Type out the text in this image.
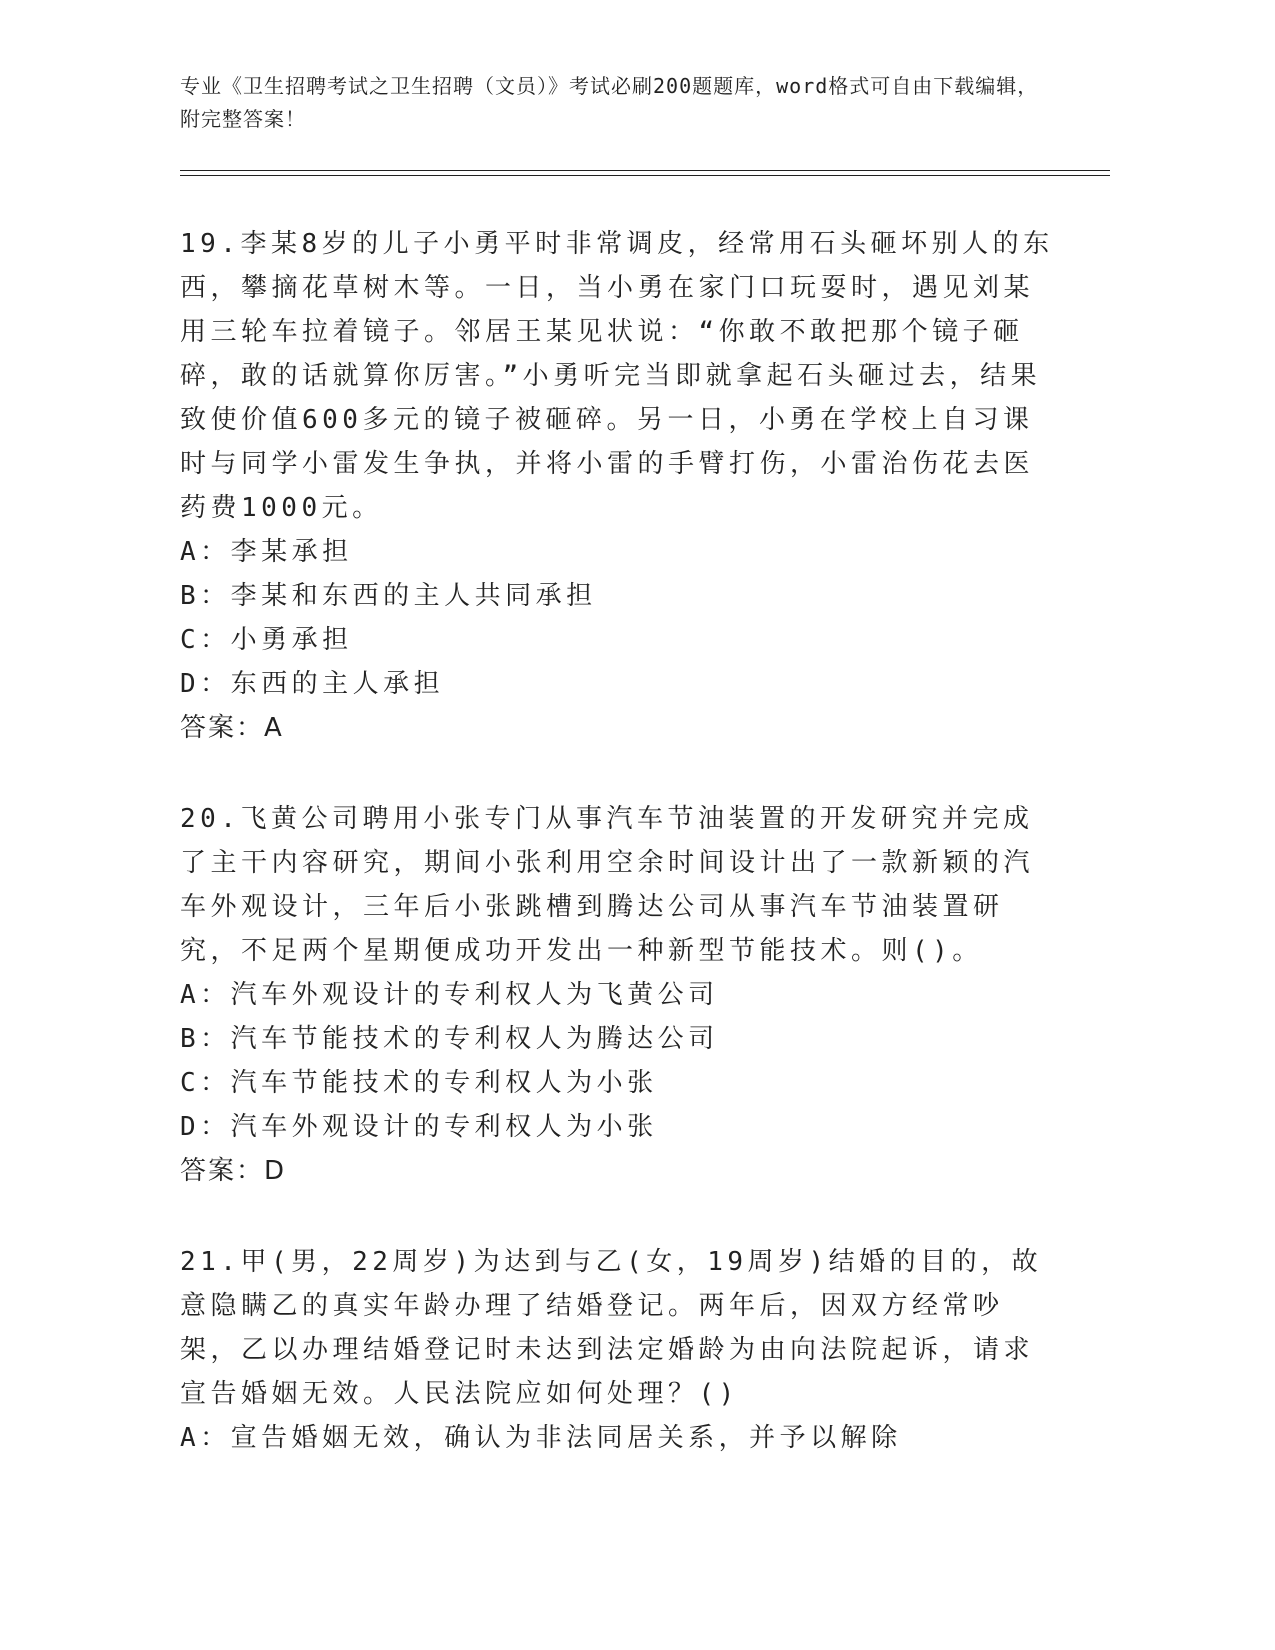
专业《卫生招聘考试之卫生招聘（文员）》考试必刷200题题库，word格式可自由下载编辑，附完整答案！

19.李某8岁的儿子小勇平时非常调皮，经常用石头砸坏别人的东西，攀摘花草树木等。一日，当小勇在家门口玩耍时，遇见刘某用三轮车拉着镜子。邻居王某见状说：“你敢不敢把那个镜子砸碎，敢的话就算你厉害。”小勇听完当即就拿起石头砸过去，结果致使价值600多元的镜子被砸碎。另一日，小勇在学校上自习课时与同学小雷发生争执，并将小雷的手臂打伤，小雷治伤花去医药费1000元。

A：李某承担

B：李某和东西的主人共同承担

C：小勇承担

D：东西的主人承担

答案：A

20.飞黄公司聘用小张专门从事汽车节油装置的开发研究并完成了主干内容研究，期间小张利用空余时间设计出了一款新颖的汽车外观设计，三年后小张跳槽到腾达公司从事汽车节油装置研究，不足两个星期便成功开发出一种新型节能技术。则()。

A：汽车外观设计的专利权人为飞黄公司

B：汽车节能技术的专利权人为腾达公司

C：汽车节能技术的专利权人为小张

D：汽车外观设计的专利权人为小张

答案：D

21.甲(男，22周岁)为达到与乙(女，19周岁)结婚的目的，故意隐瞒乙的真实年龄办理了结婚登记。两年后，因双方经常吵架，乙以办理结婚登记时未达到法定婚龄为由向法院起诉，请求宣告婚姻无效。人民法院应如何处理？()

A：宣告婚姻无效，确认为非法同居关系，并予以解除
